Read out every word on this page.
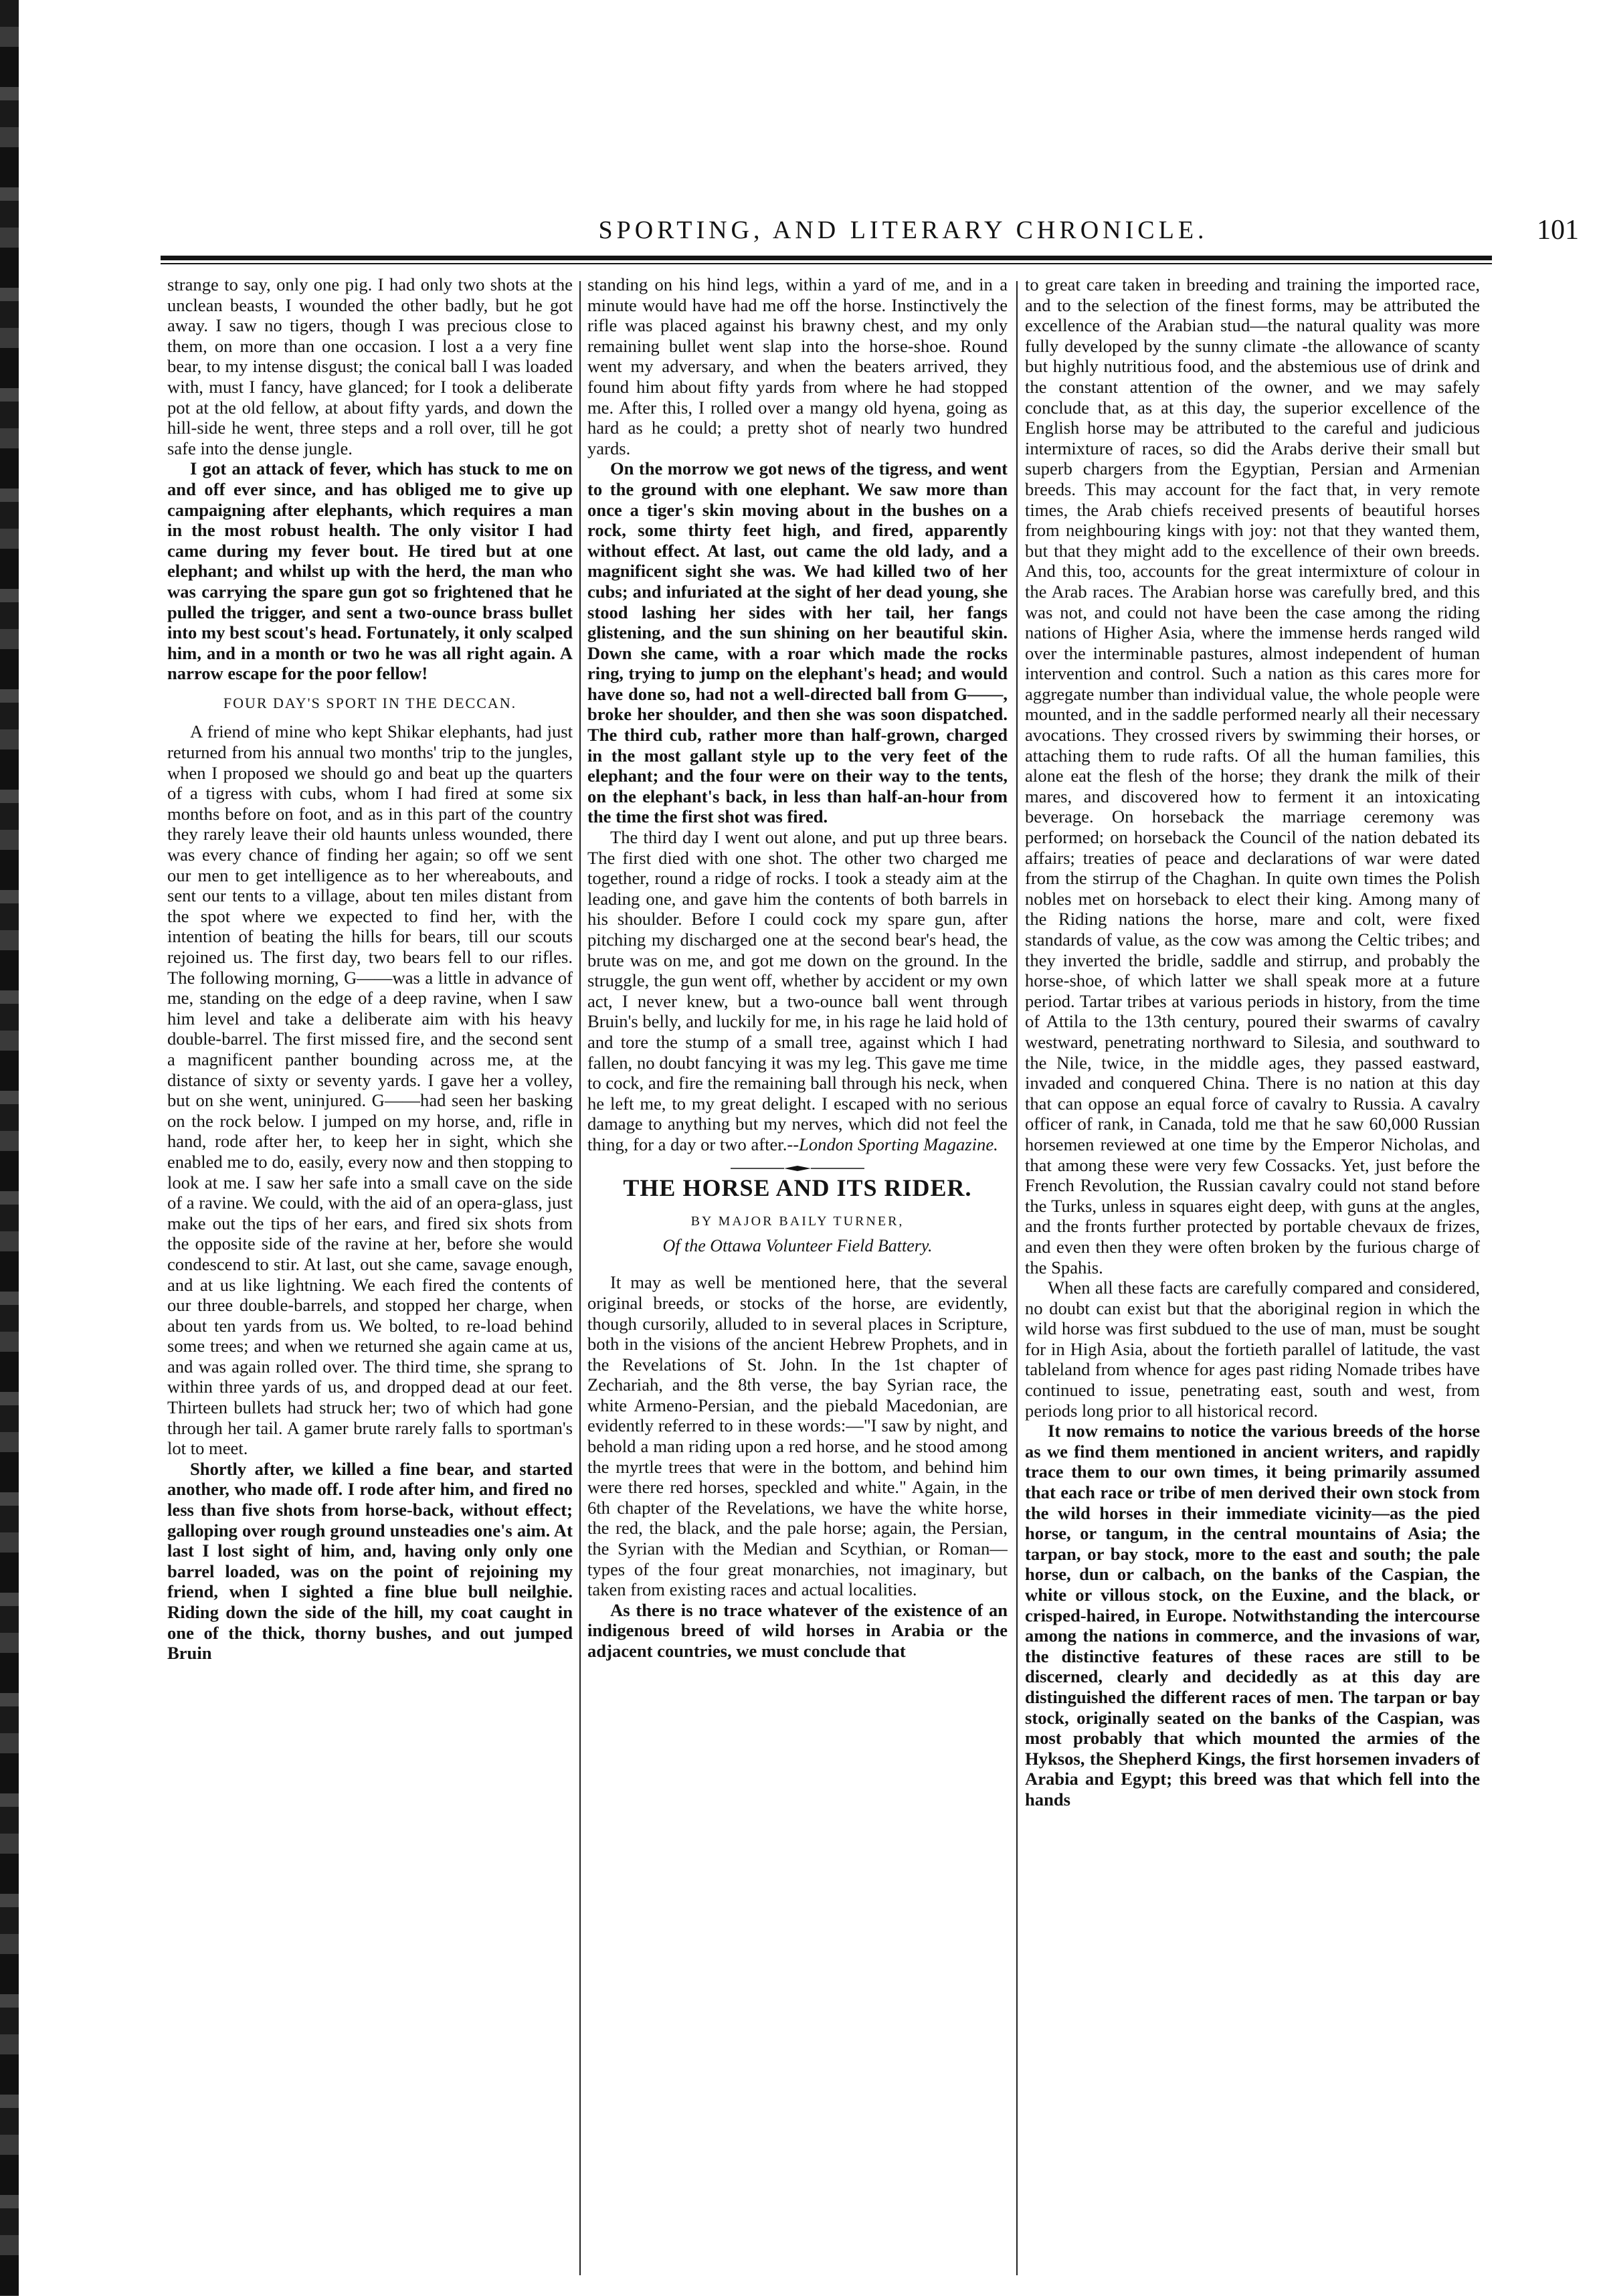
SPORTING, AND LITERARY CHRONICLE.	101

strange to say, only one pig. I had only two shots at the unclean beasts, I wounded the other badly, but he got away. I saw no tigers, though I was precious close to them, on more than one occasion. I lost a a very fine bear, to my intense disgust; the conical ball I was loaded with, must I fancy, have glanced; for I took a deliberate pot at the old fellow, at about fifty yards, and down the hill-side he went, three steps and a roll over, till he got safe into the dense jungle.

I got an attack of fever, which has stuck to me on and off ever since, and has obliged me to give up campaigning after elephants, which requires a man in the most robust health. The only visitor I had came during my fever bout. He tired but at one elephant; and whilst up with the herd, the man who was carrying the spare gun got so frightened that he pulled the trigger, and sent a two-ounce brass bullet into my best scout's head. Fortunately, it only scalped him, and in a month or two he was all right again. A narrow escape for the poor fellow!

FOUR DAY'S SPORT IN THE DECCAN.

A friend of mine who kept Shikar elephants, had just returned from his annual two months' trip to the jungles, when I proposed we should go and beat up the quarters of a tigress with cubs, whom I had fired at some six months before on foot, and as in this part of the country they rarely leave their old haunts unless wounded, there was every chance of finding her again; so off we sent our men to get intelligence as to her whereabouts, and sent our tents to a village, about ten miles distant from the spot where we expected to find her, with the intention of beating the hills for bears, till our scouts rejoined us. The first day, two bears fell to our rifles. The following morning, G——was a little in advance of me, standing on the edge of a deep ravine, when I saw him level and take a deliberate aim with his heavy double-barrel. The first missed fire, and the second sent a magnificent panther bounding across me, at the distance of sixty or seventy yards. I gave her a volley, but on she went, uninjured. G——had seen her basking on the rock below. I jumped on my horse, and, rifle in hand, rode after her, to keep her in sight, which she enabled me to do, easily, every now and then stopping to look at me. I saw her safe into a small cave on the side of a ravine. We could, with the aid of an opera-glass, just make out the tips of her ears, and fired six shots from the opposite side of the ravine at her, before she would condescend to stir. At last, out she came, savage enough, and at us like lightning. We each fired the contents of our three double-barrels, and stopped her charge, when about ten yards from us. We bolted, to re-load behind some trees; and when we returned she again came at us, and was again rolled over. The third time, she sprang to within three yards of us, and dropped dead at our feet. Thirteen bullets had struck her; two of which had gone through her tail. A gamer brute rarely falls to sportman's lot to meet.

Shortly after, we killed a fine bear, and started another, who made off. I rode after him, and fired no less than five shots from horse-back, without effect; galloping over rough ground unsteadies one's aim. At last I lost sight of him, and, having only only one barrel loaded, was on the point of rejoining my friend, when I sighted a fine blue bull neilghie. Riding down the side of the hill, my coat caught in one of the thick, thorny bushes, and out jumped Bruin

standing on his hind legs, within a yard of me, and in a minute would have had me off the horse. Instinctively the rifle was placed against his brawny chest, and my only remaining bullet went slap into the horse-shoe. Round went my adversary, and when the beaters arrived, they found him about fifty yards from where he had stopped me. After this, I rolled over a mangy old hyena, going as hard as he could; a pretty shot of nearly two hundred yards.

On the morrow we got news of the tigress, and went to the ground with one elephant. We saw more than once a tiger's skin moving about in the bushes on a rock, some thirty feet high, and fired, apparently without effect. At last, out came the old lady, and a magnificent sight she was. We had killed two of her cubs; and infuriated at the sight of her dead young, she stood lashing her sides with her tail, her fangs glistening, and the sun shining on her beautiful skin. Down she came, with a roar which made the rocks ring, trying to jump on the elephant's head; and would have done so, had not a well-directed ball from G——, broke her shoulder, and then she was soon dispatched. The third cub, rather more than half-grown, charged in the most gallant style up to the very feet of the elephant; and the four were on their way to the tents, on the elephant's back, in less than half-an-hour from the time the first shot was fired.

The third day I went out alone, and put up three bears. The first died with one shot. The other two charged me together, round a ridge of rocks. I took a steady aim at the leading one, and gave him the contents of both barrels in his shoulder. Before I could cock my spare gun, after pitching my discharged one at the second bear's head, the brute was on me, and got me down on the ground. In the struggle, the gun went off, whether by accident or my own act, I never knew, but a two-ounce ball went through Bruin's belly, and luckily for me, in his rage he laid hold of and tore the stump of a small tree, against which I had fallen, no doubt fancying it was my leg. This gave me time to cock, and fire the remaining ball through his neck, when he left me, to my great delight. I escaped with no serious damage to anything but my nerves, which did not feel the thing, for a day or two after.--London Sporting Magazine.

THE HORSE AND ITS RIDER.
BY MAJOR BAILY TURNER,
Of the Ottawa Volunteer Field Battery.

It may as well be mentioned here, that the several original breeds, or stocks of the horse, are evidently, though cursorily, alluded to in several places in Scripture, both in the visions of the ancient Hebrew Prophets, and in the Revelations of St. John. In the 1st chapter of Zechariah, and the 8th verse, the bay Syrian race, the white Armeno-Persian, and the piebald Macedonian, are evidently referred to in these words:—"I saw by night, and behold a man riding upon a red horse, and he stood among the myrtle trees that were in the bottom, and behind him were there red horses, speckled and white." Again, in the 6th chapter of the Revelations, we have the white horse, the red, the black, and the pale horse; again, the Persian, the Syrian with the Median and Scythian, or Roman—types of the four great monarchies, not imaginary, but taken from existing races and actual localities.

As there is no trace whatever of the existence of an indigenous breed of wild horses in Arabia or the adjacent countries, we must conclude that

to great care taken in breeding and training the imported race, and to the selection of the finest forms, may be attributed the excellence of the Arabian stud—the natural quality was more fully developed by the sunny climate -the allowance of scanty but highly nutritious food, and the abstemious use of drink and the constant attention of the owner, and we may safely conclude that, as at this day, the superior excellence of the English horse may be attributed to the careful and judicious intermixture of races, so did the Arabs derive their small but superb chargers from the Egyptian, Persian and Armenian breeds. This may account for the fact that, in very remote times, the Arab chiefs received presents of beautiful horses from neighbouring kings with joy: not that they wanted them, but that they might add to the excellence of their own breeds. And this, too, accounts for the great intermixture of colour in the Arab races. The Arabian horse was carefully bred, and this was not, and could not have been the case among the riding nations of Higher Asia, where the immense herds ranged wild over the interminable pastures, almost independent of human intervention and control. Such a nation as this cares more for aggregate number than individual value, the whole people were mounted, and in the saddle performed nearly all their necessary avocations. They crossed rivers by swimming their horses, or attaching them to rude rafts. Of all the human families, this alone eat the flesh of the horse; they drank the milk of their mares, and discovered how to ferment it an intoxicating beverage. On horseback the marriage ceremony was performed; on horseback the Council of the nation debated its affairs; treaties of peace and declarations of war were dated from the stirrup of the Chaghan. In quite own times the Polish nobles met on horseback to elect their king. Among many of the Riding nations the horse, mare and colt, were fixed standards of value, as the cow was among the Celtic tribes; and they inverted the bridle, saddle and stirrup, and probably the horse-shoe, of which latter we shall speak more at a future period. Tartar tribes at various periods in history, from the time of Attila to the 13th century, poured their swarms of cavalry westward, penetrating northward to Silesia, and southward to the Nile, twice, in the middle ages, they passed eastward, invaded and conquered China. There is no nation at this day that can oppose an equal force of cavalry to Russia. A cavalry officer of rank, in Canada, told me that he saw 60,000 Russian horsemen reviewed at one time by the Emperor Nicholas, and that among these were very few Cossacks. Yet, just before the French Revolution, the Russian cavalry could not stand before the Turks, unless in squares eight deep, with guns at the angles, and the fronts further protected by portable chevaux de frizes, and even then they were often broken by the furious charge of the Spahis.

When all these facts are carefully compared and considered, no doubt can exist but that the aboriginal region in which the wild horse was first subdued to the use of man, must be sought for in High Asia, about the fortieth parallel of latitude, the vast tableland from whence for ages past riding Nomade tribes have continued to issue, penetrating east, south and west, from periods long prior to all historical record.

It now remains to notice the various breeds of the horse as we find them mentioned in ancient writers, and rapidly trace them to our own times, it being primarily assumed that each race or tribe of men derived their own stock from the wild horses in their immediate vicinity—as the pied horse, or tangum, in the central mountains of Asia; the tarpan, or bay stock, more to the east and south; the pale horse, dun or calbach, on the banks of the Caspian, the white or villous stock, on the Euxine, and the black, or crisped-haired, in Europe. Notwithstanding the intercourse among the nations in commerce, and the invasions of war, the distinctive features of these races are still to be discerned, clearly and decidedly as at this day are distinguished the different races of men. The tarpan or bay stock, originally seated on the banks of the Caspian, was most probably that which mounted the armies of the Hyksos, the Shepherd Kings, the first horsemen invaders of Arabia and Egypt; this breed was that which fell into the hands
